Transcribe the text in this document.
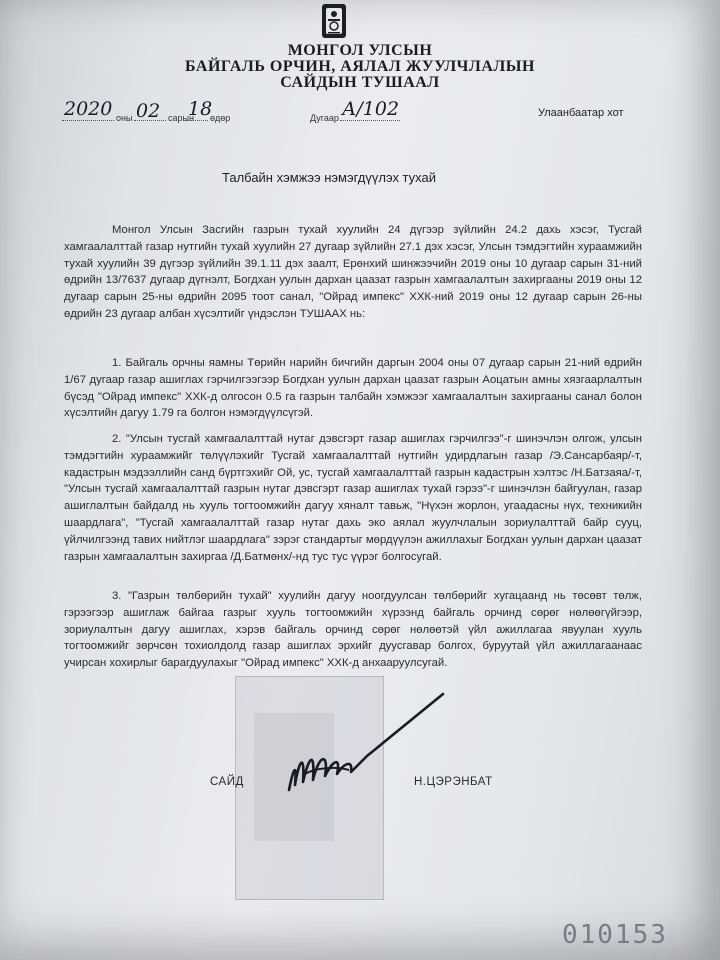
МОНГОЛ УЛСЫН
БАЙГАЛЬ ОРЧИН, АЯЛАЛ ЖУУЛЧЛАЛЫН
САЙДЫН ТУШААЛ
2020 оны 02 сарын
18
өдөр	Дугаар А/102	Улаанбаатар хот
Талбайн хэмжээ нэмэгдүүлэх тухай

Монгол Улсын Засгийн газрын тухай хуулийн 24 дүгээр зүйлийн 24.2 дахь хэсэг, Тусгай хамгаалалттай газар нутгийн тухай хуулийн 27 дугаар зүйлийн 27.1 дэх хэсэг, Улсын тэмдэгтийн хураамжийн тухай хуулийн 39 дүгээр зүйлийн 39.1.11 дэх заалт, Ерөнхий шинжээчийн 2019 оны 10 дугаар сарын 31-ний өдрийн 13/7637 дугаар дүгнэлт, Богдхан уулын дархан цаазат газрын хамгаалалтын захиргааны 2019 оны 12 дугаар сарын 25-ны өдрийн 2095 тоот санал, "Ойрад импекс" ХХК-ний 2019 оны 12 дугаар сарын 26-ны өдрийн 23 дугаар албан хүсэлтийг үндэслэн ТУШААХ нь:

1. Байгаль орчны яамны Төрийн нарийн бичгийн даргын 2004 оны 07 дугаар сарын 21-ний өдрийн 1/67 дугаар газар ашиглах гэрчилгээгээр Богдхан уулын дархан цаазат газрын Аоцатын амны хязгаарлалтын бүсэд "Ойрад импекс" ХХК-д олгосон 0.5 га газрын талбайн хэмжээг хамгаалалтын захиргааны санал болон хүсэлтийн дагуу 1.79 га болгон нэмэгдүүлсүгэй.

2. "Улсын тусгай хамгаалалттай нутаг дэвсгэрт газар ашиглах гэрчилгээ"-г шинэчлэн олгож, улсын тэмдэгтийн хураамжийг төлүүлэхийг Тусгай хамгаалалттай нутгийн удирдлагын газар /Э.Сансарбаяр/-т, кадастрын мэдээллийн санд бүртгэхийг Ой, ус, тусгай хамгаалалттай газрын кадастрын хэлтэс /Н.Батзаяа/-т, "Улсын тусгай хамгаалалттай газрын нутаг дэвсгэрт газар ашиглах тухай гэрээ"-г шинэчлэн байгуулан, газар ашиглалтын байдалд нь хууль тогтоомжийн дагуу хяналт тавьж, "Нүхэн жорлон, угаадасны нүх, техникийн шаардлага", "Тусгай хамгаалалттай газар нутаг дахь эко аялал жуулчлалын зориулалттай байр сууц, үйлчилгээнд тавих нийтлэг шаардлага" зэрэг стандартыг мөрдүүлэн ажиллахыг Богдхан уулын дархан цаазат газрын хамгаалалтын захиргаа /Д.Батмөнх/-нд тус тус үүрэг болгосугай.

3. "Газрын төлбөрийн тухай" хуулийн дагуу ноогдуулсан төлбөрийг хугацаанд нь төсөвт төлж, гэрээгээр ашиглаж байгаа газрыг хууль тогтоомжийн хүрээнд байгаль орчинд сөрөг нөлөөгүйгээр, зориулалтын дагуу ашиглах, хэрэв байгаль орчинд сөрөг нөлөөтэй үйл ажиллагаа явуулан хууль тогтоомжийг зөрчсөн тохиолдолд газар ашиглах эрхийг дуусгавар болгох, буруутай үйл ажиллагаанаас учирсан хохирлыг барагдуулахыг "Ойрад импекс" ХХК-д анхааруулсугай.

САЙД	Н.ЦЭРЭНБАТ
010153
